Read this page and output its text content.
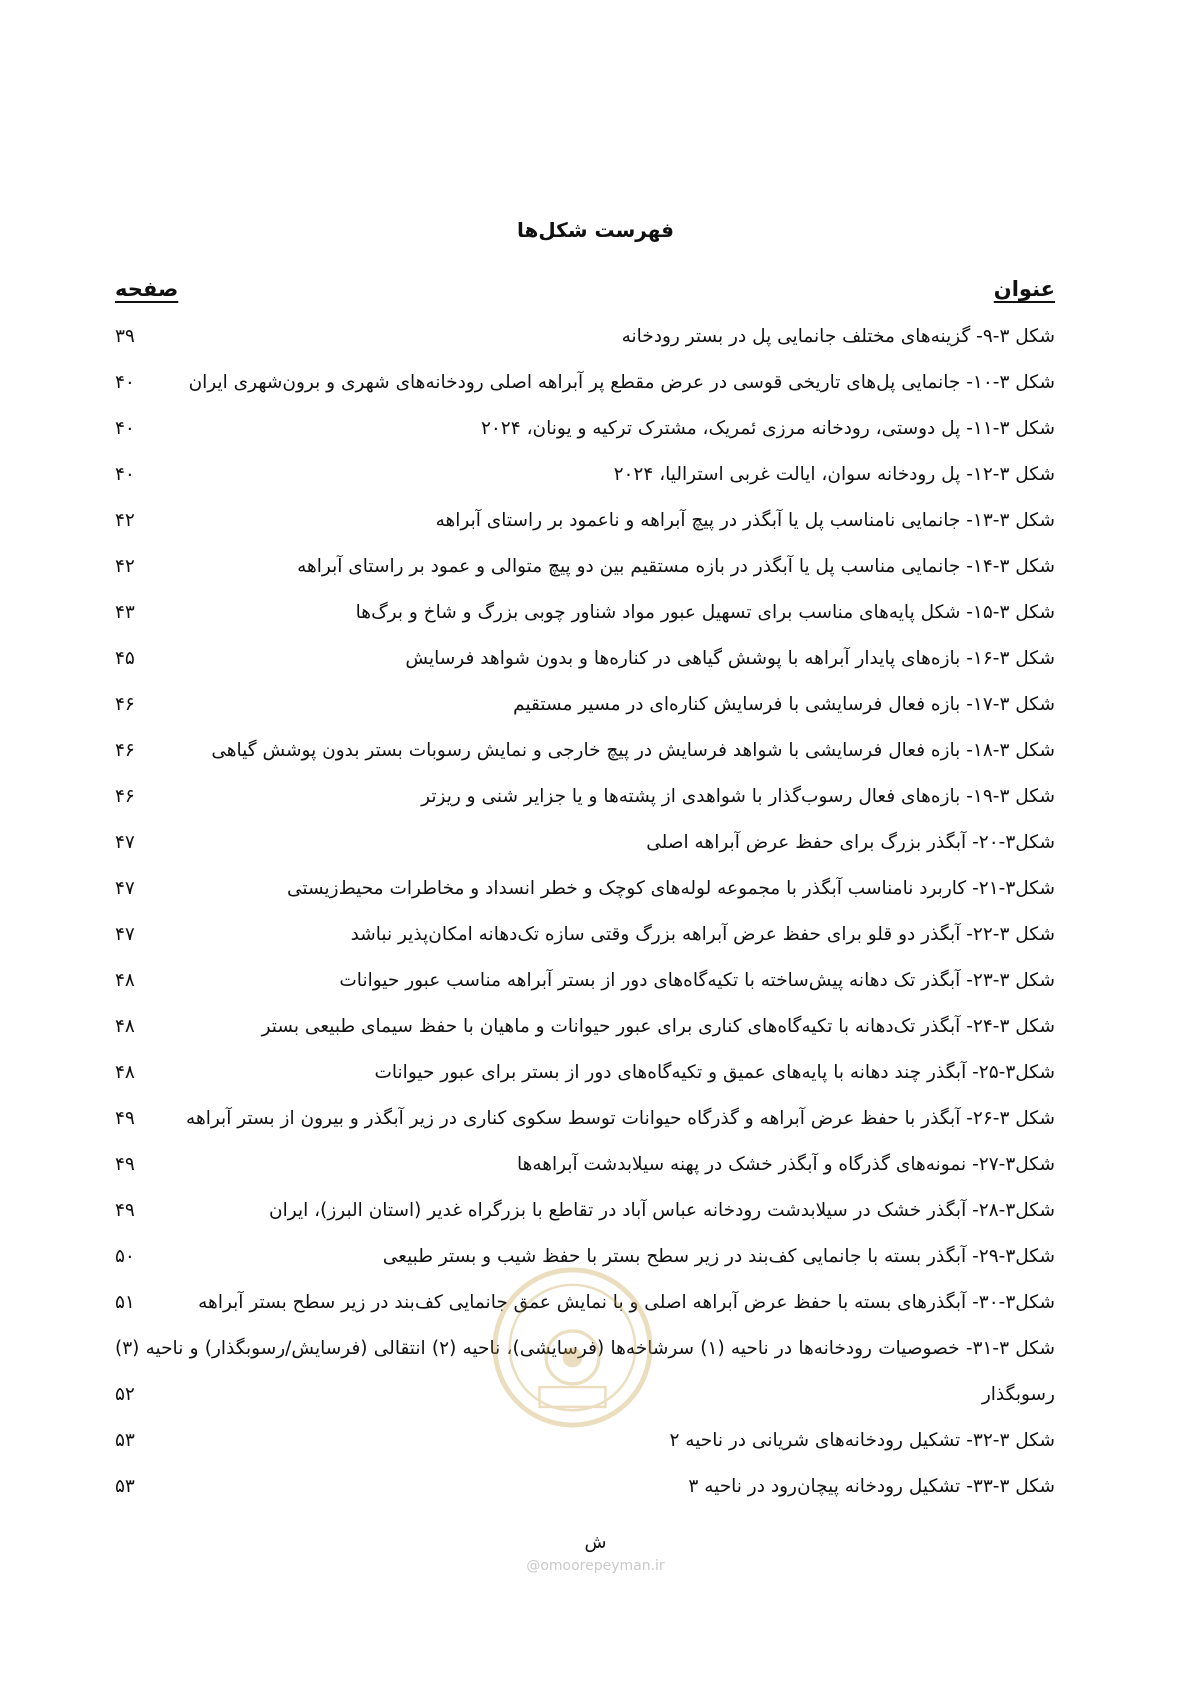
فهرست شکل‌ها
عنوان
صفحه
شکل ۳-۹- گزینه‌های مختلف جانمایی پل در بستر رودخانه
۳۹
شکل ۳-۱۰- جانمایی پل‌های تاریخی قوسی در عرض مقطع پر آبراهه اصلی رودخانه‌های شهری و برون‌شهری ایران
۴۰
شکل ۳-۱۱- پل دوستی، رودخانه مرزی ئمریک، مشترک ترکیه و یونان، ۲۰۲۴
۴۰
شکل ۳-۱۲- پل رودخانه سوان، ایالت غربی استرالیا، ۲۰۲۴
۴۰
شکل ۳-۱۳- جانمایی نامناسب پل یا آبگذر در پیچ آبراهه و ناعمود بر راستای آبراهه
۴۲
شکل ۳-۱۴- جانمایی مناسب پل یا آبگذر در بازه مستقیم بین دو پیچ متوالی و عمود بر راستای آبراهه
۴۲
شکل ۳-۱۵- شکل پایه‌های مناسب برای تسهیل عبور مواد شناور چوبی بزرگ و شاخ و برگ‌ها
۴۳
شکل ۳-۱۶- بازه‌های پایدار آبراهه با پوشش گیاهی در کناره‌ها و بدون شواهد فرسایش
۴۵
شکل ۳-۱۷- بازه فعال فرسایشی با فرسایش کناره‌ای در مسیر مستقیم
۴۶
شکل ۳-۱۸- بازه فعال فرسایشی با شواهد فرسایش در پیچ خارجی و نمایش رسوبات بستر بدون پوشش گیاهی
۴۶
شکل ۳-۱۹- بازه‌های فعال رسوب‌گذار با شواهدی از پشته‌ها و یا جزایر شنی و ریزتر
۴۶
شکل۳-۲۰- آبگذر بزرگ برای حفظ عرض آبراهه اصلی
۴۷
شکل۳-۲۱- کاربرد نامناسب آبگذر با مجموعه لوله‌های کوچک و خطر انسداد و مخاطرات محیط‌زیستی
۴۷
شکل ۳-۲۲- آبگذر دو قلو برای حفظ عرض آبراهه بزرگ وقتی سازه تک‌دهانه امکان‌پذیر نباشد
۴۷
شکل ۳-۲۳- آبگذر تک دهانه پیش‌ساخته با تکیه‌گاه‌های دور از بستر آبراهه مناسب عبور حیوانات
۴۸
شکل ۳-۲۴- آبگذر تک‌دهانه با تکیه‌گاه‌های کناری برای عبور حیوانات و ماهیان با حفظ سیمای طبیعی بستر
۴۸
شکل۳-۲۵- آبگذر چند دهانه با پایه‌های عمیق و تکیه‌گاه‌های دور از بستر برای عبور حیوانات
۴۸
شکل ۳-۲۶- آبگذر با حفظ عرض آبراهه و گذرگاه حیوانات توسط سکوی کناری در زیر آبگذر و بیرون از بستر آبراهه
۴۹
شکل۳-۲۷- نمونه‌های گذرگاه و آبگذر خشک در پهنه سیلابدشت آبراهه‌ها
۴۹
شکل۳-۲۸- آبگذر خشک در سیلابدشت رودخانه عباس آباد در تقاطع با بزرگراه غدیر (استان البرز)، ایران
۴۹
شکل۳-۲۹- آبگذر بسته با جانمایی کف‌بند در زیر سطح بستر با حفظ شیب و بستر طبیعی
۵۰
شکل۳-۳۰- آبگذرهای بسته با حفظ عرض آبراهه اصلی و با نمایش عمق جانمایی کف‌بند در زیر سطح بستر آبراهه
۵۱
شکل ۳-۳۱- خصوصیات رودخانه‌ها در ناحیه (۱) سرشاخه‌ها (فرسایشی)، ناحیه (۲) انتقالی (فرسایش/رسوبگذار) و ناحیه (۳) رسوبگذار
۵۲
شکل ۳-۳۲- تشکیل رودخانه‌های شریانی در ناحیه ۲
۵۳
شکل ۳-۳۳- تشکیل رودخانه پیچان‌رود در ناحیه ۳
۵۳
ش
@omoorepeyman.ir
